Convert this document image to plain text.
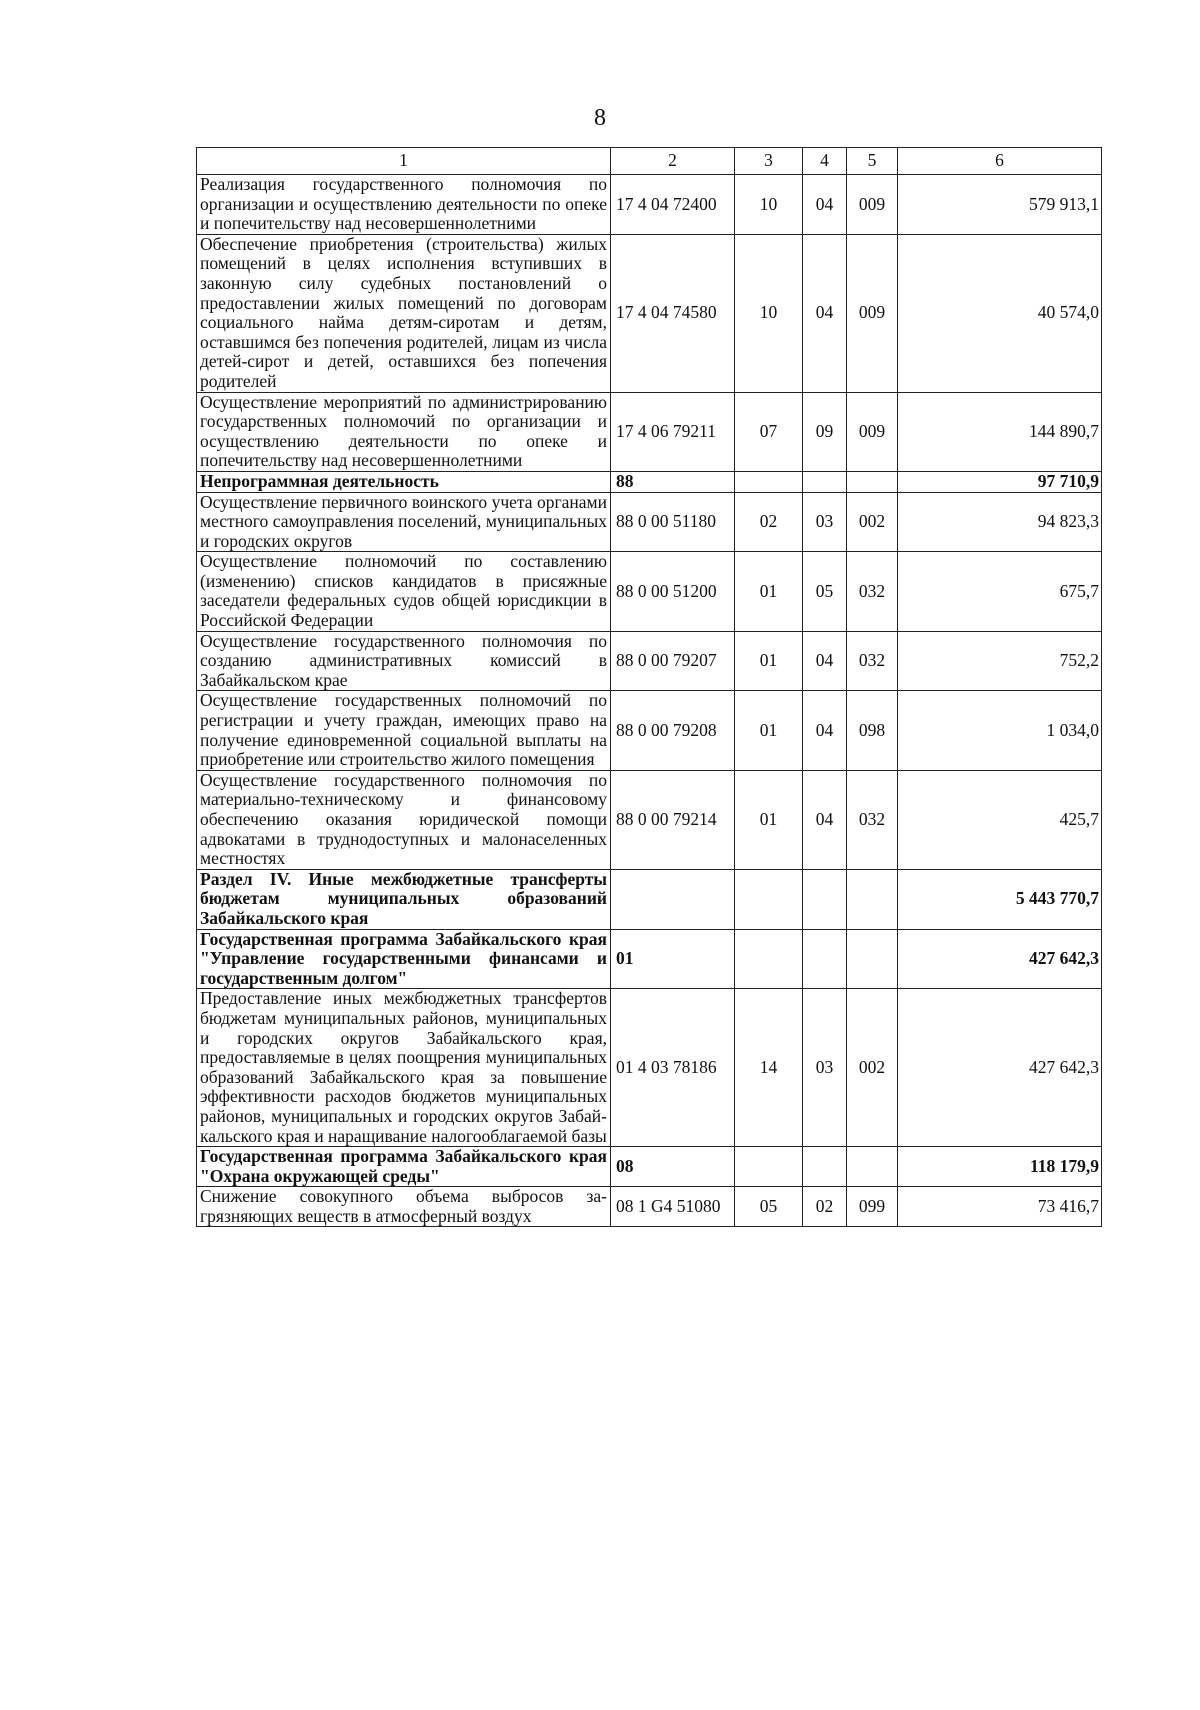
8
1	2	3	4	5	6
Реализация государственного полномочия по организации и осуществлению деятельности по опеке и попечительству над несовершеннолетними	17 4 04 72400	10	04	009	579 913,1
Обеспечение приобретения (строительства) жилых помещений в целях исполнения вступивших в законную силу судебных постановлений о предоставлении жилых помещений по договорам социального найма детям-сиротам и детям, оставшимся без попечения родителей, лицам из числа детей-сирот и детей, оставшихся без попечения родителей	17 4 04 74580	10	04	009	40 574,0
Осуществление мероприятий по администрированию государственных полномочий по организации и осуществлению деятельности по опеке и попечительству над несовершеннолетними	17 4 06 79211	07	09	009	144 890,7
Непрограммная деятельность	88				97 710,9
Осуществление первичного воинского учета органами местного самоуправления поселений, муниципальных и городских округов	88 0 00 51180	02	03	002	94 823,3
Осуществление полномочий по составлению (изменению) списков кандидатов в присяжные заседатели федеральных судов общей юрисдикции в Российской Федерации	88 0 00 51200	01	05	032	675,7
Осуществление государственного полномочия по созданию административных комиссий в Забайкальском крае	88 0 00 79207	01	04	032	752,2
Осуществление государственных полномочий по регистрации и учету граждан, имеющих право на получение единовременной социальной выплаты на приобретение или строительство жилого помещения	88 0 00 79208	01	04	098	1 034,0
Осуществление государственного полномочия по материально-техническому и финансовому обеспечению оказания юридической помощи адвокатами в труднодоступных и малонаселенных местностях	88 0 00 79214	01	04	032	425,7
Раздел IV. Иные межбюджетные трансферты бюджетам муниципальных образований Забайкальского края					5 443 770,7
Государственная программа Забайкальского края "Управление государственными финансами и государственным долгом"	01				427 642,3
Предоставление иных межбюджетных трансфертов бюджетам муниципальных районов, муниципальных и городских округов Забайкальского края, предоставляемые в целях поощрения муниципальных образований Забайкальского края за повышение эффективности расходов бюджетов муниципальных районов, муниципальных и городских округов Забайкальского края и наращивание налогооблагаемой базы	01 4 03 78186	14	03	002	427 642,3
Государственная программа Забайкальского края "Охрана окружающей среды"	08				118 179,9
Снижение совокупного объема выбросов загрязняющих веществ в атмосферный воздух	08 1 G4 51080	05	02	099	73 416,7
